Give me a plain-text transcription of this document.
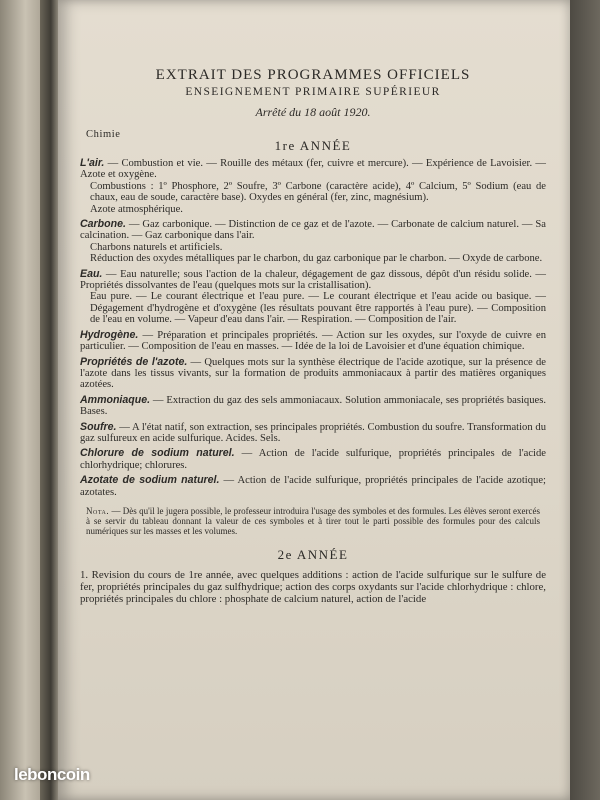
EXTRAIT DES PROGRAMMES OFFICIELS

ENSEIGNEMENT PRIMAIRE SUPÉRIEUR

Arrêté du 18 août 1920.

Chimie

1re ANNÉE

L'air. — Combustion et vie. — Rouille des métaux (fer, cuivre et mercure). — Expérience de Lavoisier. — Azote et oxygène.

Combustions : 1º Phosphore, 2º Soufre, 3º Carbone (caractère acide), 4º Calcium, 5º Sodium (eau de chaux, eau de soude, caractère base). Oxydes en général (fer, zinc, magnésium).

Azote atmosphérique.

Carbone. — Gaz carbonique. — Distinction de ce gaz et de l'azote. — Carbonate de calcium naturel. — Sa calcination. — Gaz carbonique dans l'air.

Charbons naturels et artificiels.

Réduction des oxydes métalliques par le charbon, du gaz carbonique par le charbon. — Oxyde de carbone.

Eau. — Eau naturelle; sous l'action de la chaleur, dégagement de gaz dissous, dépôt d'un résidu solide. — Propriétés dissolvantes de l'eau (quelques mots sur la cristallisation).

Eau pure. — Le courant électrique et l'eau pure. — Le courant électrique et l'eau acide ou basique. — Dégagement d'hydrogène et d'oxygène (les résultats pouvant être rapportés à l'eau pure). — Composition de l'eau en volume. — Vapeur d'eau dans l'air. — Respiration. — Composition de l'air.

Hydrogène. — Préparation et principales propriétés. — Action sur les oxydes, sur l'oxyde de cuivre en particulier. — Composition de l'eau en masses. — Idée de la loi de Lavoisier et d'une équation chimique.

Propriétés de l'azote. — Quelques mots sur la synthèse électrique de l'acide azotique, sur la présence de l'azote dans les tissus vivants, sur la formation de produits ammoniacaux à partir des matières organiques azotées.

Ammoniaque. — Extraction du gaz des sels ammoniacaux. Solution ammoniacale, ses propriétés basiques. Bases.

Soufre. — A l'état natif, son extraction, ses principales propriétés. Combustion du soufre. Transformation du gaz sulfureux en acide sulfurique. Acides. Sels.

Chlorure de sodium naturel. — Action de l'acide sulfurique, propriétés principales de l'acide chlorhydrique; chlorures.

Azotate de sodium naturel. — Action de l'acide sulfurique, propriétés principales de l'acide azotique; azotates.

Nota. — Dès qu'il le jugera possible, le professeur introduira l'usage des symboles et des formules. Les élèves seront exercés à se servir du tableau donnant la valeur de ces symboles et à tirer tout le parti possible des formules pour des calculs numériques sur les masses et les volumes.

2e ANNÉE

1. Revision du cours de 1re année, avec quelques additions : action de l'acide sulfurique sur le sulfure de fer, propriétés principales du gaz sulfhydrique; action des corps oxydants sur l'acide chlorhydrique : chlore, propriétés principales du chlore : phosphate de calcium naturel, action de l'acide

leboncoin
